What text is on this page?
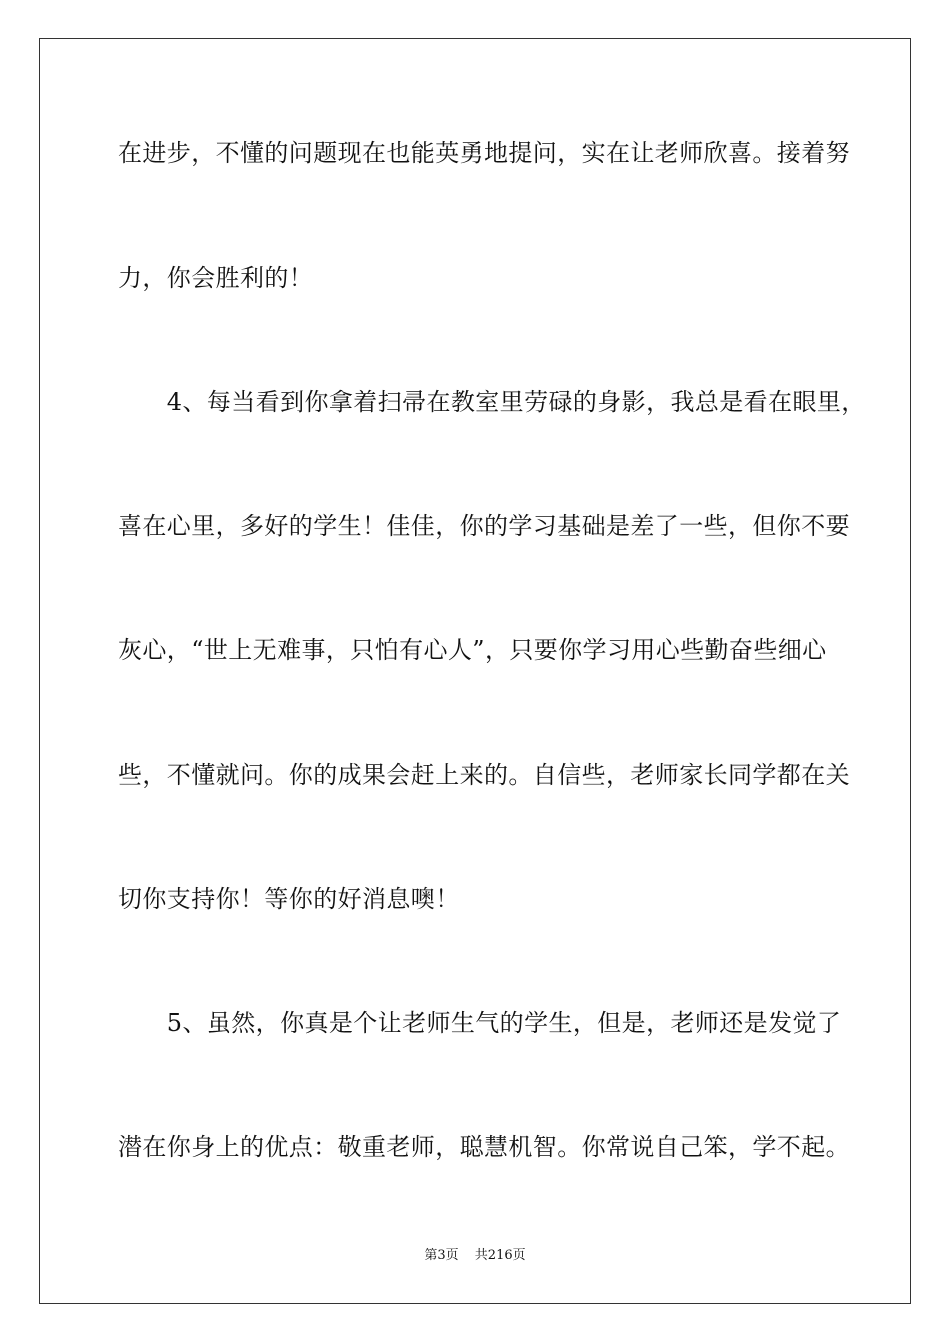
在进步，不懂的问题现在也能英勇地提问，实在让老师欣喜。接着努
力，你会胜利的！
　　4、每当看到你拿着扫帚在教室里劳碌的身影，我总是看在眼里，
喜在心里，多好的学生！佳佳，你的学习基础是差了一些，但你不要
灰心，“世上无难事，只怕有心人”，只要你学习用心些勤奋些细心
些，不懂就问。你的成果会赶上来的。自信些，老师家长同学都在关
切你支持你！等你的好消息噢！
　　5、虽然，你真是个让老师生气的学生，但是，老师还是发觉了
潜在你身上的优点：敬重老师，聪慧机智。你常说自己笨，学不起。
第3页 共216页
